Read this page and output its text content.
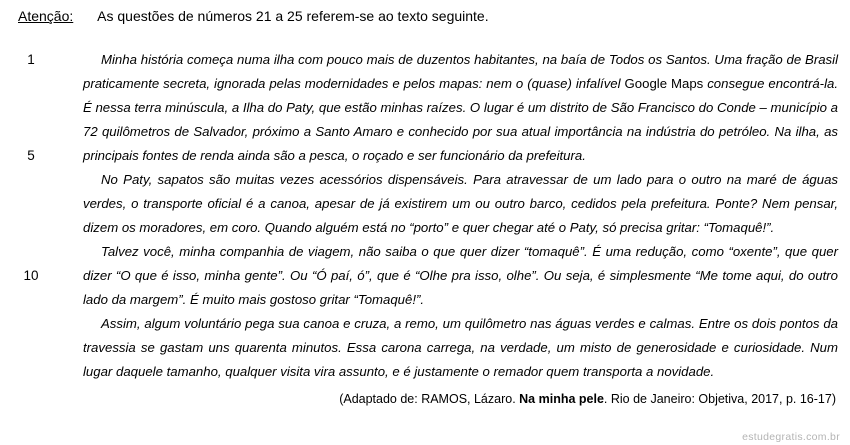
Atenção: As questões de números 21 a 25 referem-se ao texto seguinte.
1
5
10

Minha história começa numa ilha com pouco mais de duzentos habitantes, na baía de Todos os Santos. Uma fração de Brasil praticamente secreta, ignorada pelas modernidades e pelos mapas: nem o (quase) infalível Google Maps consegue encontrá-la. É nessa terra minúscula, a Ilha do Paty, que estão minhas raízes. O lugar é um distrito de São Francisco do Conde – município a 72 quilômetros de Salvador, próximo a Santo Amaro e conhecido por sua atual importância na indústria do petróleo. Na ilha, as principais fontes de renda ainda são a pesca, o roçado e ser funcionário da prefeitura.

No Paty, sapatos são muitas vezes acessórios dispensáveis. Para atravessar de um lado para o outro na maré de águas verdes, o transporte oficial é a canoa, apesar de já existirem um ou outro barco, cedidos pela prefeitura. Ponte? Nem pensar, dizem os moradores, em coro. Quando alguém está no “porto” e quer chegar até o Paty, só precisa gritar: “Tomaquê!”.

Talvez você, minha companhia de viagem, não saiba o que quer dizer “tomaquê”. É uma redução, como “oxente”, que quer dizer “O que é isso, minha gente”. Ou “Ó paí, ó”, que é “Olhe pra isso, olhe”. Ou seja, é simplesmente “Me tome aqui, do outro lado da margem”. É muito mais gostoso gritar “Tomaquê!”.

Assim, algum voluntário pega sua canoa e cruza, a remo, um quilômetro nas águas verdes e calmas. Entre os dois pontos da travessia se gastam uns quarenta minutos. Essa carona carrega, na verdade, um misto de generosidade e curiosidade. Num lugar daquele tamanho, qualquer visita vira assunto, e é justamente o remador quem transporta a novidade.

(Adaptado de: RAMOS, Lázaro. Na minha pele. Rio de Janeiro: Objetiva, 2017, p. 16-17)
estudegratis.com.br
